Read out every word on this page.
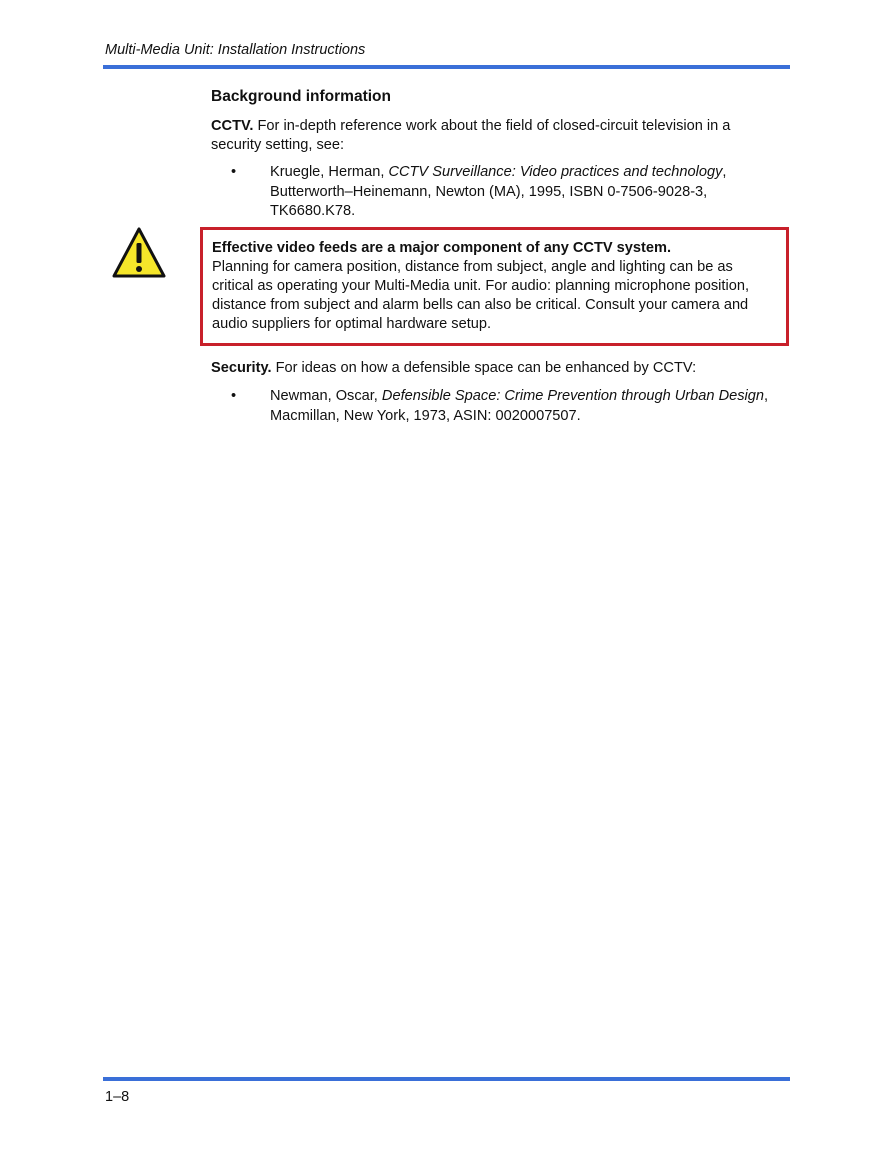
Multi-Media Unit: Installation Instructions
Background information
CCTV. For in-depth reference work about the field of closed-circuit television in a security setting, see:
• Kruegle, Herman, CCTV Surveillance: Video practices and technology, Butterworth–Heinemann, Newton (MA), 1995, ISBN 0-7506-9028-3, TK6680.K78.
Effective video feeds are a major component of any CCTV system.
Planning for camera position, distance from subject, angle and lighting can be as critical as operating your Multi-Media unit. For audio: planning microphone position, distance from subject and alarm bells can also be critical. Consult your camera and audio suppliers for optimal hardware setup.
Security. For ideas on how a defensible space can be enhanced by CCTV:
• Newman, Oscar, Defensible Space: Crime Prevention through Urban Design, Macmillan, New York, 1973, ASIN: 0020007507.
1–8
